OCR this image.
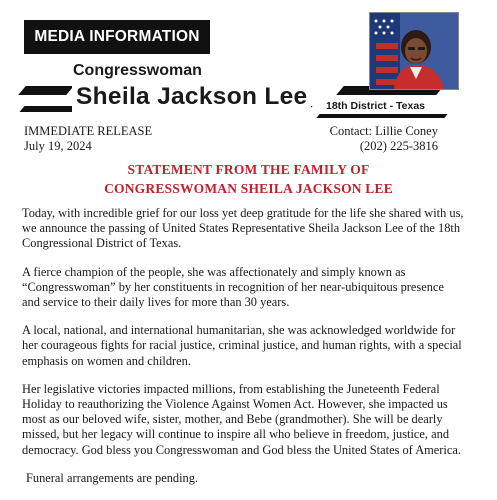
MEDIA INFORMATION
Congresswoman
Sheila Jackson Lee	18th District - Texas
IMMEDIATE RELEASE
July 19, 2024
Contact: Lillie Coney
(202) 225-3816
STATEMENT FROM THE FAMILY OF
CONGRESSWOMAN SHEILA JACKSON LEE

Today, with incredible grief for our loss yet deep gratitude for the life she shared with us,
we announce the passing of United States Representative Sheila Jackson Lee of the 18th
Congressional District of Texas.

A fierce champion of the people, she was affectionately and simply known as
“Congresswoman” by her constituents in recognition of her near-ubiquitous presence
and service to their daily lives for more than 30 years.

A local, national, and international humanitarian, she was acknowledged worldwide for
her courageous fights for racial justice, criminal justice, and human rights, with a special
emphasis on women and children.

Her legislative victories impacted millions, from establishing the Juneteenth Federal
Holiday to reauthorizing the Violence Against Women Act. However, she impacted us
most as our beloved wife, sister, mother, and Bebe (grandmother). She will be dearly
missed, but her legacy will continue to inspire all who believe in freedom, justice, and
democracy. God bless you Congresswoman and God bless the United States of America.

Funeral arrangements are pending.
